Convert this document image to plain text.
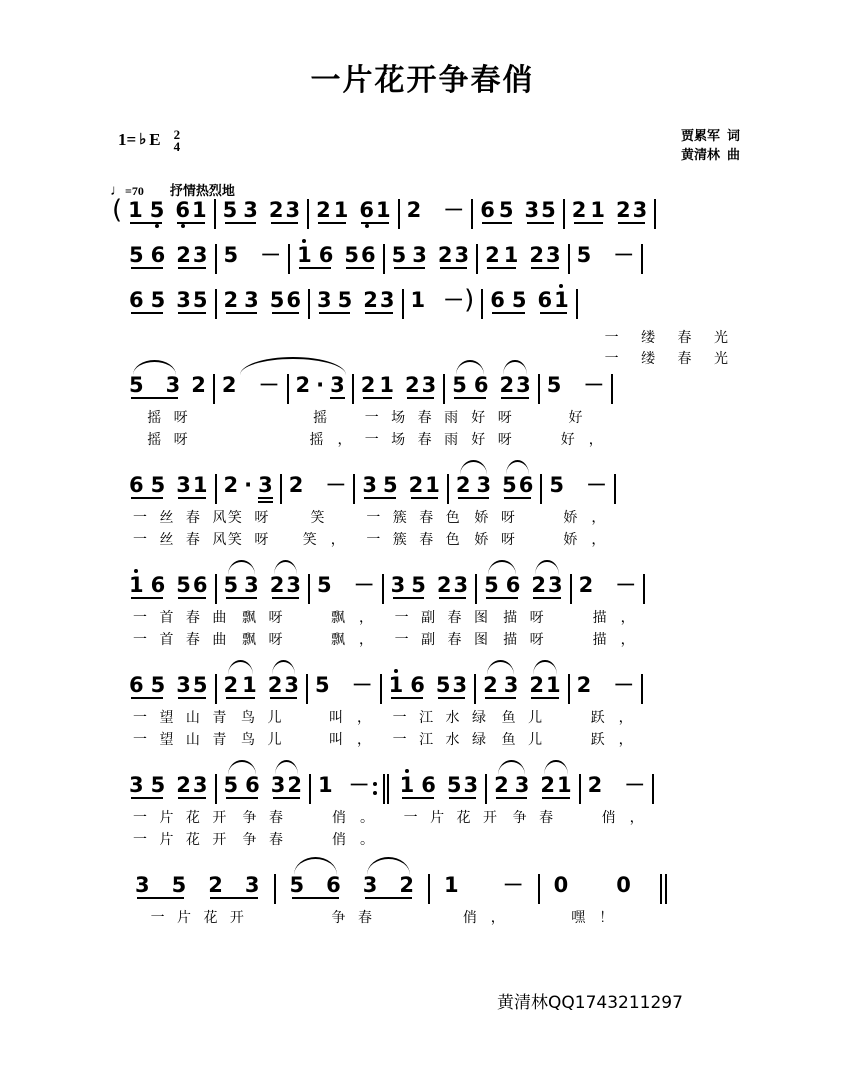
一片花开争春俏
1= ♭ E 2
4
贾累军 词
黄清林 曲
♩=70 抒情热烈地
( 1 5 6 1 5 3 2 3 2 1 6 1 2 － 6 5 3 5 2 1 2 3
5 6 2 3 5 － 1 6 5 6 5 3 2 3 2 1 2 3 5 －
6 5 3 5 2 3 5 6 3 5 2 3 1 － ) 6 5 6 1
一 缕 春 光
一 缕 春 光
5 3 2 2 － 2 · 3 2 1 2 3 5 6 2 3 5 －
6 5 3 1 2 · 3 2 － 3 5 2 1 2 3 5 6 5 －
1 6 5 6 5 3 2 3 5 － 3 5 2 3 5 6 2 3 2 －
6 5 3 5 2 1 2 3 5 － 1 6 5 3 2 3 2 1 2 －
3 5 2 3 5 6 3 2 1 － 1 6 5 3 2 3 2 1 2 －
3 5 2 3 5 6 3 2 1 － 0 0
摇 呀
摇 呀
摇
摇，
一 场 春 雨
一 场 春 雨
好 呀
好 呀
好
好，
一 丝 春 风
一 丝 春 风
笑 呀
笑 呀
笑
笑，
一 簇 春 色
一 簇 春 色
娇 呀
娇 呀
娇，
娇，
一 首 春 曲
一 首 春 曲
飘 呀
飘 呀
飘，
飘，
一 副 春 图
一 副 春 图
描 呀
描 呀
描，
描，
一 望 山 青
一 望 山 青
鸟 儿
鸟 儿
叫，
叫，
一 江 水 绿
一 江 水 绿
鱼 儿
鱼 儿
跃，
跃，
一 片 花 开
一 片 花 开
争 春
争 春
俏。
俏。
一 片 花 开 争 春	俏，
一 片 花 开	争 春	俏，	嘿！
黄清林QQ1743211297
